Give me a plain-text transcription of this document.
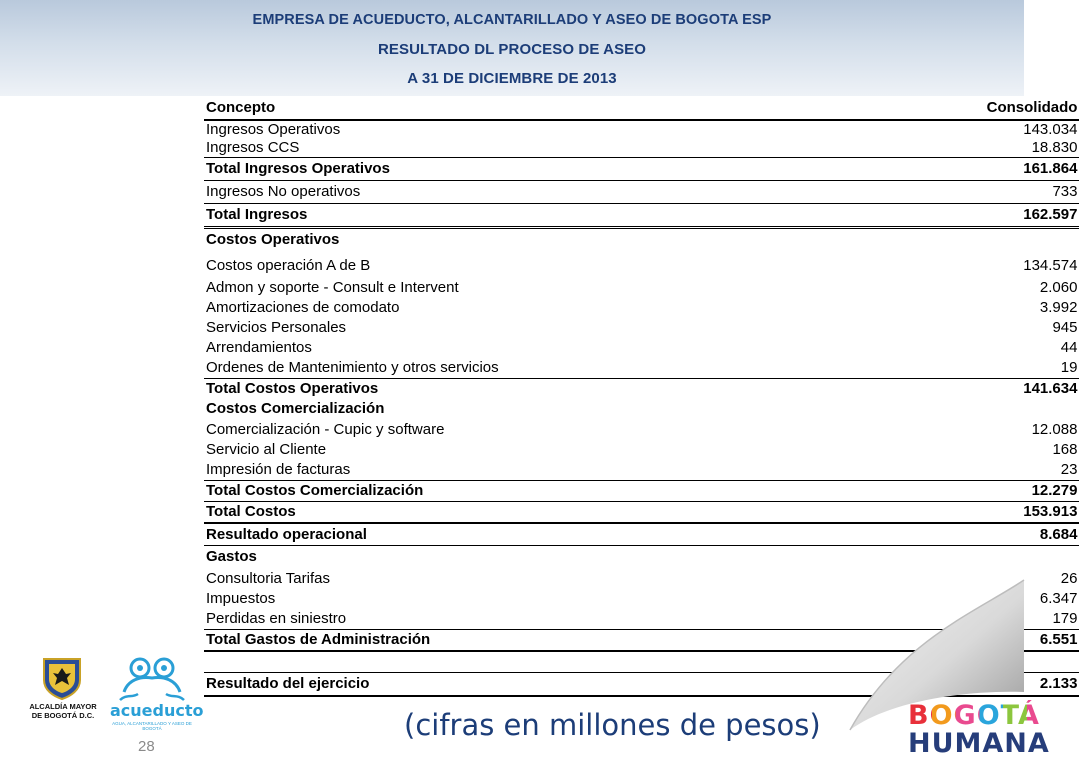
EMPRESA DE ACUEDUCTO, ALCANTARILLADO Y ASEO DE BOGOTA ESP
RESULTADO DL PROCESO DE ASEO
A 31 DE DICIEMBRE DE 2013
Concepto	Consolidado
Ingresos Operativos	143.034
Ingresos CCS	18.830
Total Ingresos Operativos	161.864
Ingresos No operativos	733
Total Ingresos	162.597
Costos Operativos	
Costos operación A de B	134.574
Admon y soporte - Consult e Intervent	2.060
Amortizaciones de comodato	3.992
Servicios Personales	945
Arrendamientos	44
Ordenes de Mantenimiento y otros servicios	19
Total Costos Operativos	141.634
Costos Comercialización	
Comercialización - Cupic y software	12.088
Servicio al Cliente	168
Impresión de facturas	23
Total Costos Comercialización	12.279
Total Costos	153.913
Resultado operacional	8.684
Gastos	
Consultoria Tarifas	26
Impuestos	6.347
Perdidas en siniestro	179
Total Gastos de Administración	6.551

Resultado del ejercicio	2.133
ALCALDÍA MAYOR
DE BOGOTÁ D.C. acueducto
AGUA, ALCANTARILLADO Y ASEO DE BOGOTÁ
28
(cifras en millones de pesos)	BOGOTÁ
HUMANA
